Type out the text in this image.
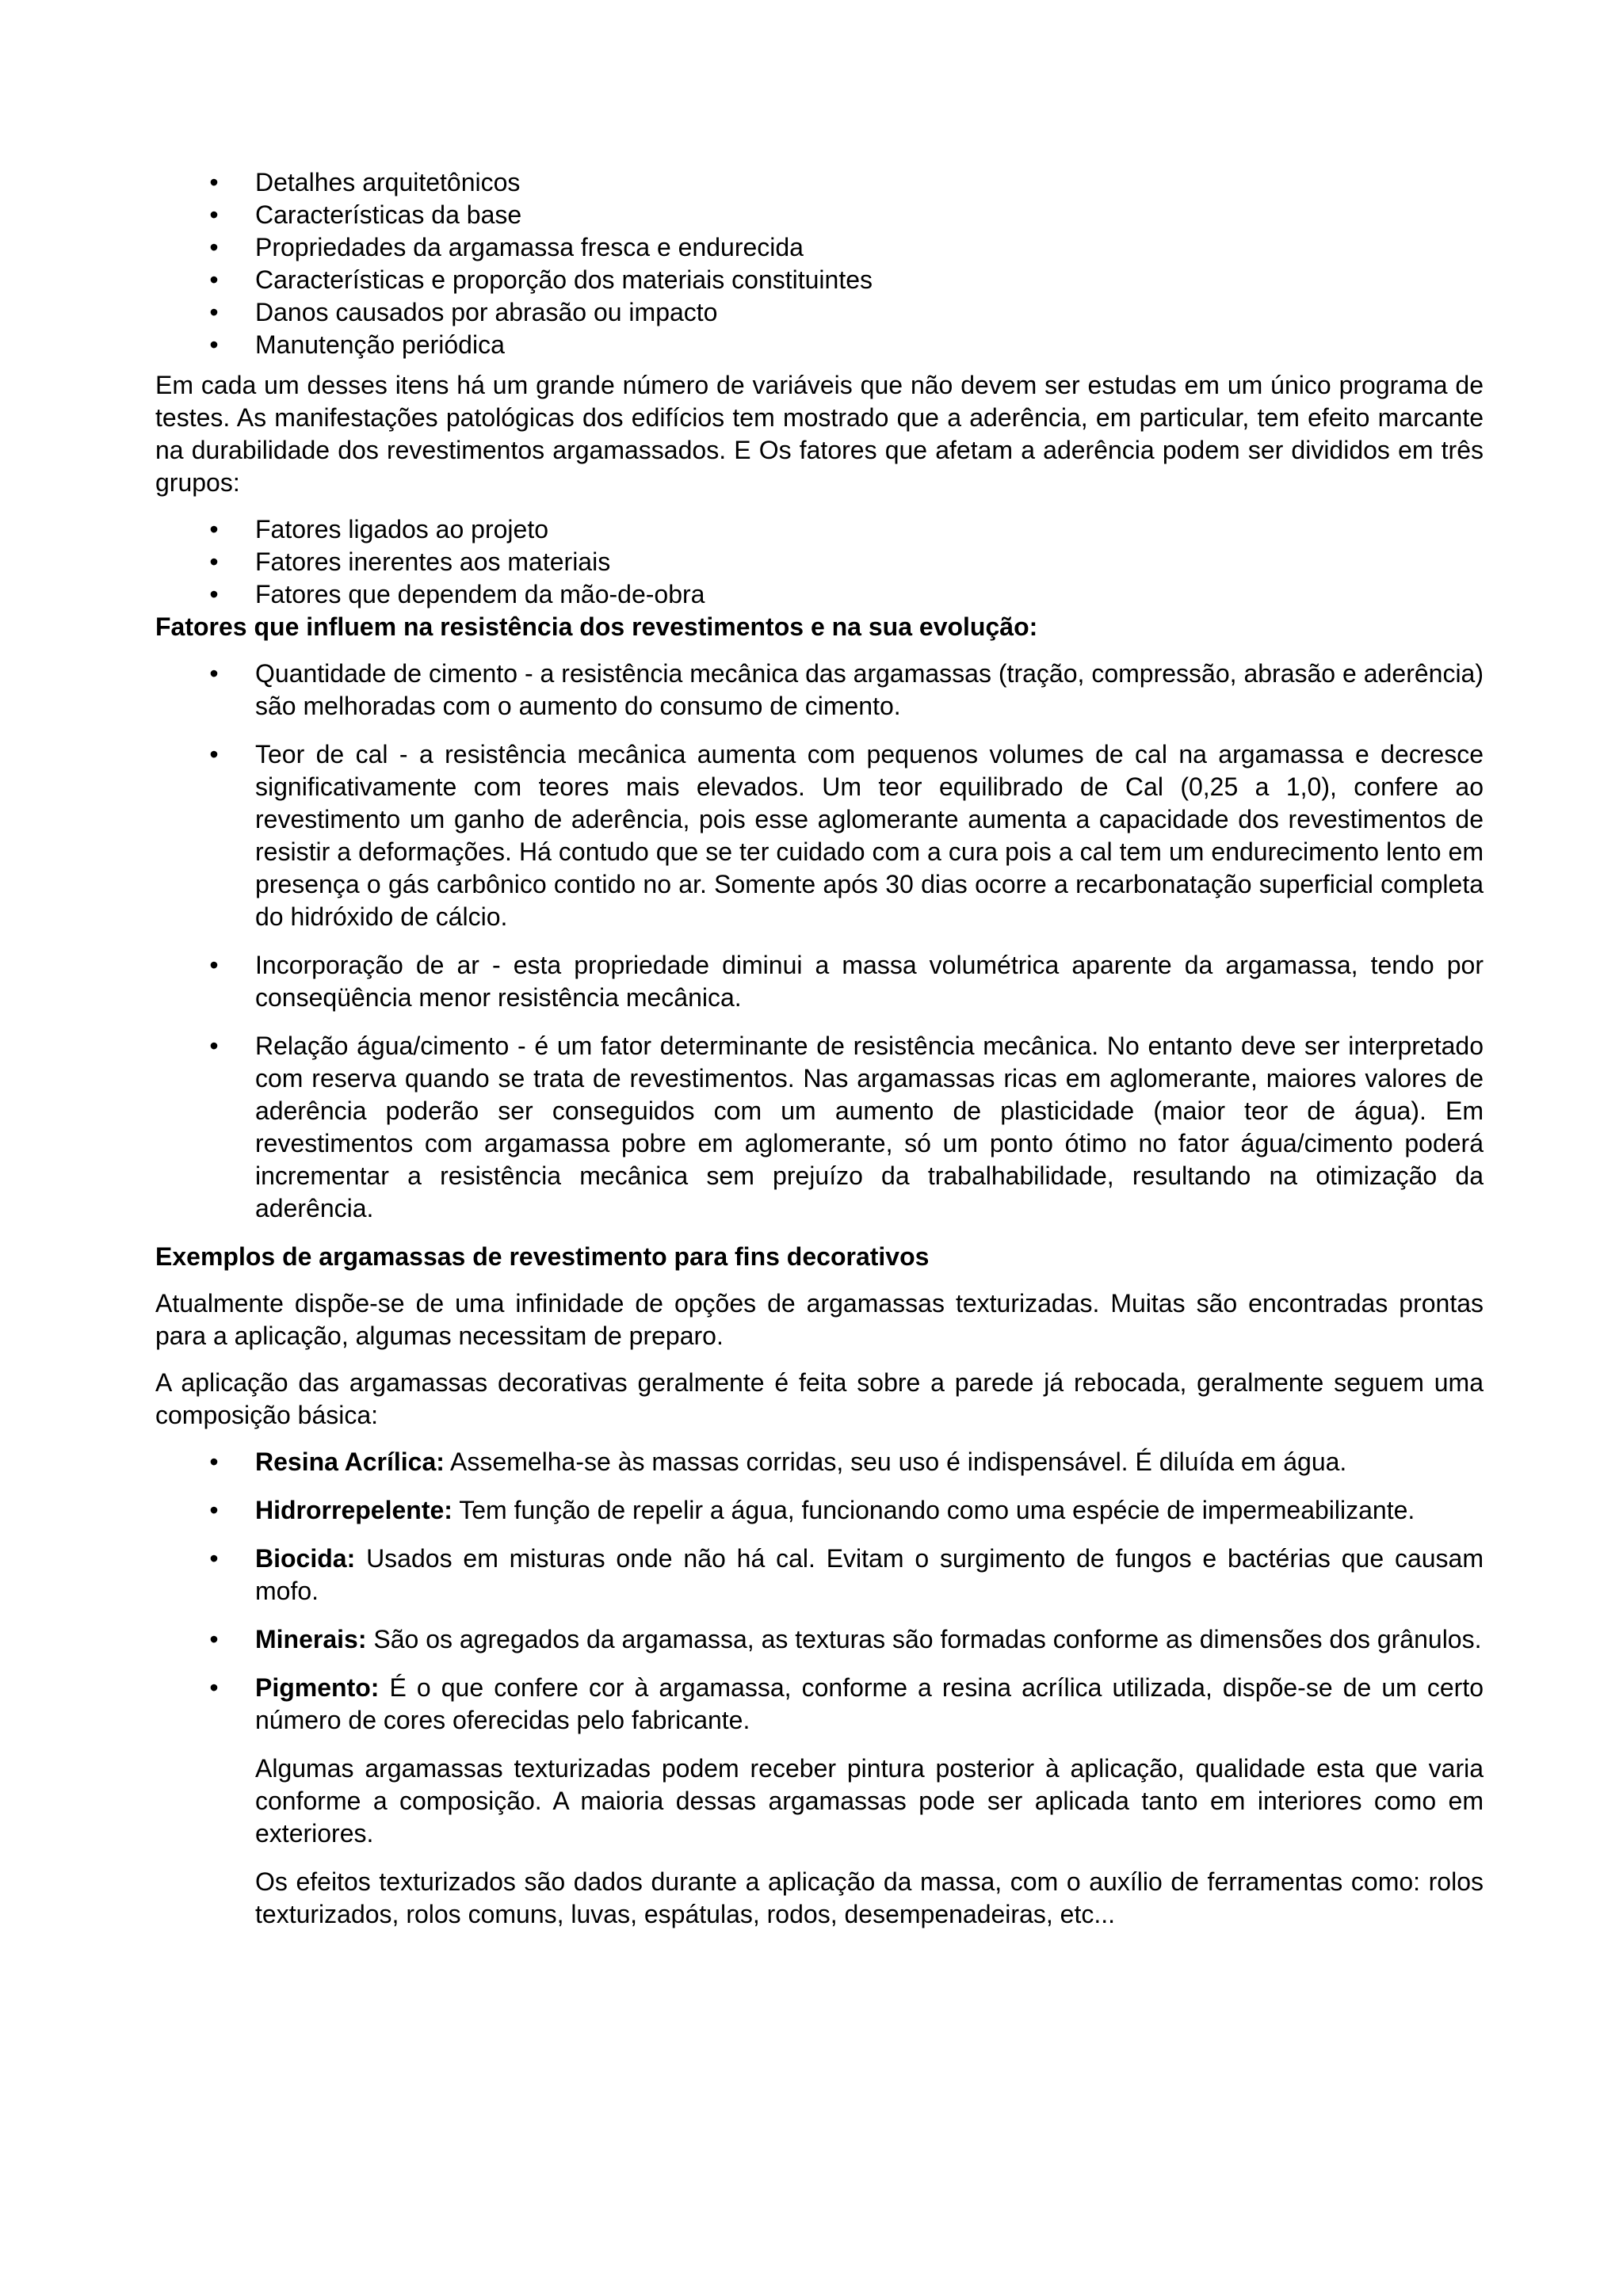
• Detalhes arquitetônicos
• Características da base
• Propriedades da argamassa fresca e endurecida
• Características e proporção dos materiais constituintes
• Danos causados por abrasão ou impacto
• Manutenção periódica

Em cada um desses itens há um grande número de variáveis que não devem ser estudas em um único programa de testes. As manifestações patológicas dos edifícios tem mostrado que a aderência, em particular, tem efeito marcante na durabilidade dos revestimentos argamassados. E Os fatores que afetam a aderência podem ser divididos em três grupos:

• Fatores ligados ao projeto
• Fatores inerentes aos materiais
• Fatores que dependem da mão-de-obra

Fatores que influem na resistência dos revestimentos e na sua evolução:

• Quantidade de cimento - a resistência mecânica das argamassas (tração, compressão, abrasão e aderência) são melhoradas com o aumento do consumo de cimento.
• Teor de cal - a resistência mecânica aumenta com pequenos volumes de cal na argamassa e decresce significativamente com teores mais elevados. Um teor equilibrado de Cal (0,25 a 1,0), confere ao revestimento um ganho de aderência, pois esse aglomerante aumenta a capacidade dos revestimentos de resistir a deformações. Há contudo que se ter cuidado com a cura pois a cal tem um endurecimento lento em presença o gás carbônico contido no ar. Somente após 30 dias ocorre a recarbonatação superficial completa do hidróxido de cálcio.
• Incorporação de ar - esta propriedade diminui a massa volumétrica aparente da argamassa, tendo por conseqüência menor resistência mecânica.
• Relação água/cimento - é um fator determinante de resistência mecânica. No entanto deve ser interpretado com reserva quando se trata de revestimentos. Nas argamassas ricas em aglomerante, maiores valores de aderência poderão ser conseguidos com um aumento de plasticidade (maior teor de água). Em revestimentos com argamassa pobre em aglomerante, só um ponto ótimo no fator água/cimento poderá incrementar a resistência mecânica sem prejuízo da trabalhabilidade, resultando na otimização da aderência.

Exemplos de argamassas de revestimento para fins decorativos

Atualmente dispõe-se de uma infinidade de opções de argamassas texturizadas. Muitas são encontradas prontas para a aplicação, algumas necessitam de preparo.

A aplicação das argamassas decorativas geralmente é feita sobre a parede já rebocada, geralmente seguem uma composição básica:

• Resina Acrílica: Assemelha-se às massas corridas, seu uso é indispensável. É diluída em água.
• Hidrorrepelente: Tem função de repelir a água, funcionando como uma espécie de impermeabilizante.
• Biocida: Usados em misturas onde não há cal. Evitam o surgimento de fungos e bactérias que causam mofo.
• Minerais: São os agregados da argamassa, as texturas são formadas conforme as dimensões dos grânulos.
• Pigmento: É o que confere cor à argamassa, conforme a resina acrílica utilizada, dispõe-se de um certo número de cores oferecidas pelo fabricante.

Algumas argamassas texturizadas podem receber pintura posterior à aplicação, qualidade esta que varia conforme a composição. A maioria dessas argamassas pode ser aplicada tanto em interiores como em exteriores.

Os efeitos texturizados são dados durante a aplicação da massa, com o auxílio de ferramentas como: rolos texturizados, rolos comuns, luvas, espátulas, rodos, desempenadeiras, etc...
